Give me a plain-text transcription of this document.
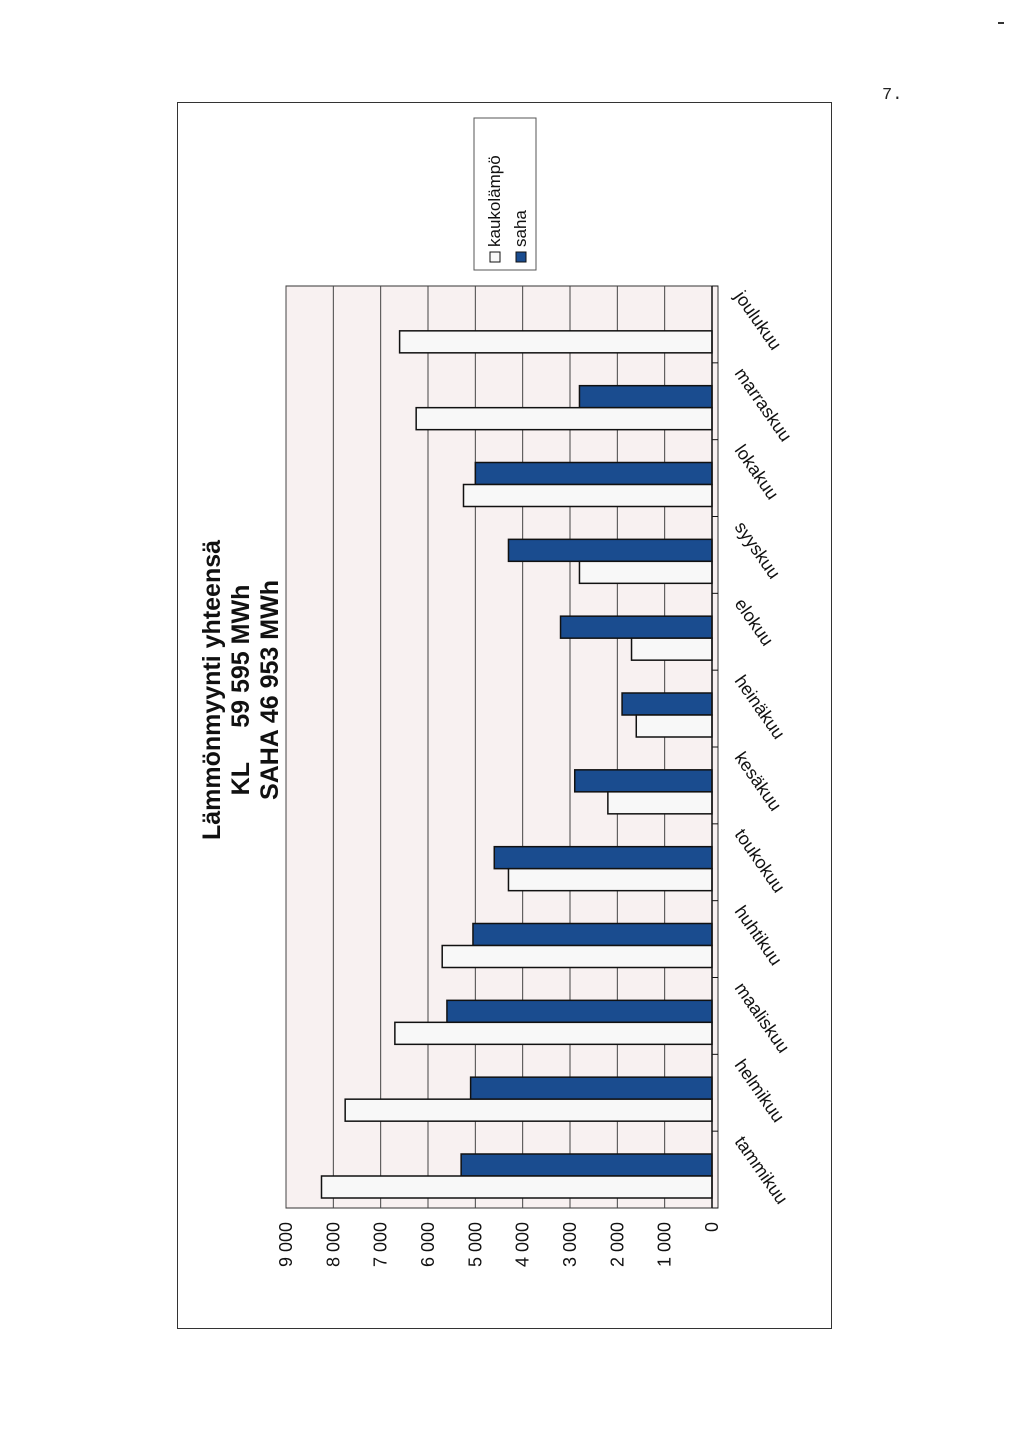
7.
0
1 000
2 000
3 000
4 000
5 000
6 000
7 000
8 000
9 000
tammikuu
helmikuu
maaliskuu
huhtikuu
toukokuu
kesäkuu
heinäkuu
elokuu
syyskuu
lokakuu
marraskuu
joulukuu
Lämmönmyynti yhteensä KL     59 595 MWh SAHA 46 953 MWh
kaukolämpö saha
